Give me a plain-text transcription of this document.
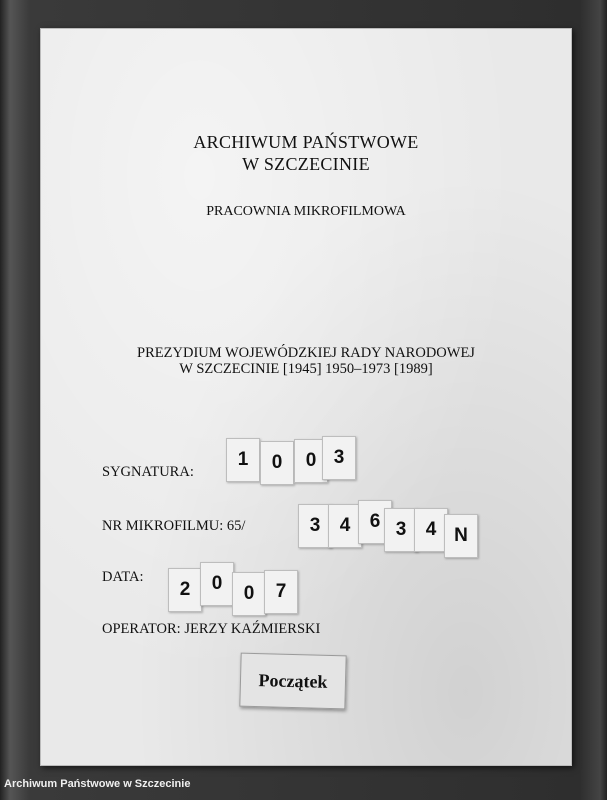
ARCHIWUM PAŃSTWOWE
W SZCZECINIE
PRACOWNIA MIKROFILMOWA
PREZYDIUM WOJEWÓDZKIEJ RADY NARODOWEJ
W SZCZECINIE [1945] 1950–1973 [1989]
SYGNATURA:
1	0	0 3
NR MIKROFILMU: 65/	3	4	6 3	4 N
DATA:
2	0	0	7
OPERATOR: JERZY KAŹMIERSKI
Początek
Archiwum Państwowe w Szczecinie
